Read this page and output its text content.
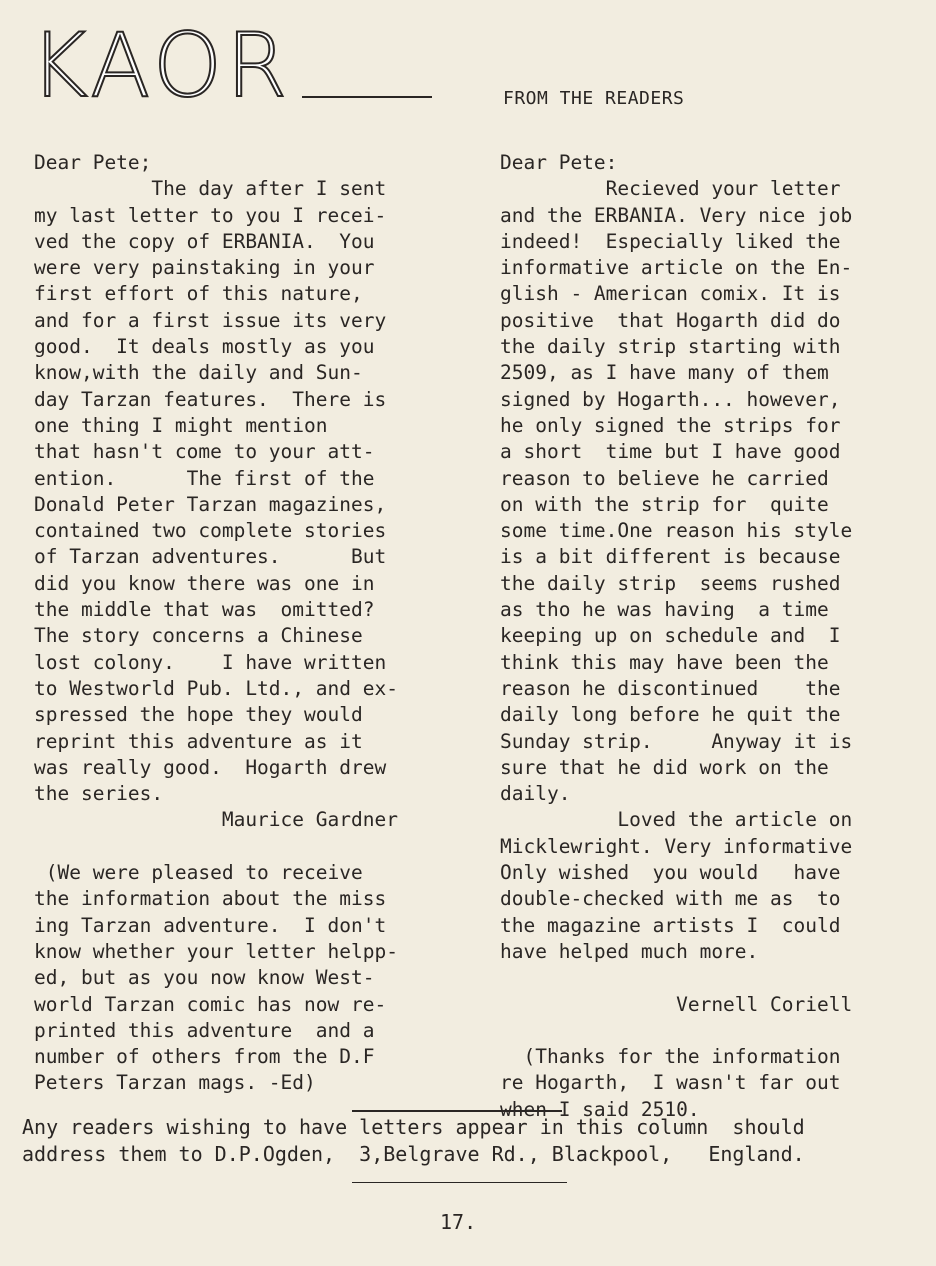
KAOR	FROM THE READERS
Dear Pete;
The day after I sent
my last letter to you I recei-
ved the copy of ERBANIA.  You
were very painstaking in your
first effort of this nature,
and for a first issue its very
good.  It deals mostly as you
know,with the daily and Sun-
day Tarzan features.  There is
one thing I might mention
that hasn't come to your att-
ention.      The first of the
Donald Peter Tarzan magazines,
contained two complete stories
of Tarzan adventures.      But
did you know there was one in
the middle that was  omitted?
The story concerns a Chinese
lost colony.    I have written
to Westworld Pub. Ltd., and ex-
spressed the hope they would
reprint this adventure as it
was really good.  Hogarth drew
the series.
Maurice Gardner

(We were pleased to receive
the information about the miss
ing Tarzan adventure.  I don't
know whether your letter helpp-
ed, but as you now know West-
world Tarzan comic has now re-
printed this adventure  and a
number of others from the D.F
Peters Tarzan mags. -Ed)
Dear Pete:
Recieved your letter
and the ERBANIA. Very nice job
indeed!  Especially liked the
informative article on the En-
glish - American comix. It is
positive  that Hogarth did do
the daily strip starting with
2509, as I have many of them
signed by Hogarth... however,
he only signed the strips for
a short  time but I have good
reason to believe he carried
on with the strip for  quite
some time.One reason his style
is a bit different is because
the daily strip  seems rushed
as tho he was having  a time
keeping up on schedule and  I
think this may have been the
reason he discontinued    the
daily long before he quit the
Sunday strip.     Anyway it is
sure that he did work on the
daily.
Loved the article on
Micklewright. Very informative
Only wished  you would   have
double-checked with me as  to
the magazine artists I  could
have helped much more.

Vernell Coriell

(Thanks for the information
re Hogarth,  I wasn't far out
when I said 2510.
Any readers wishing to have letters appear in this column  should
address them to D.P.Ogden,  3,Belgrave Rd., Blackpool,   England.
17.
